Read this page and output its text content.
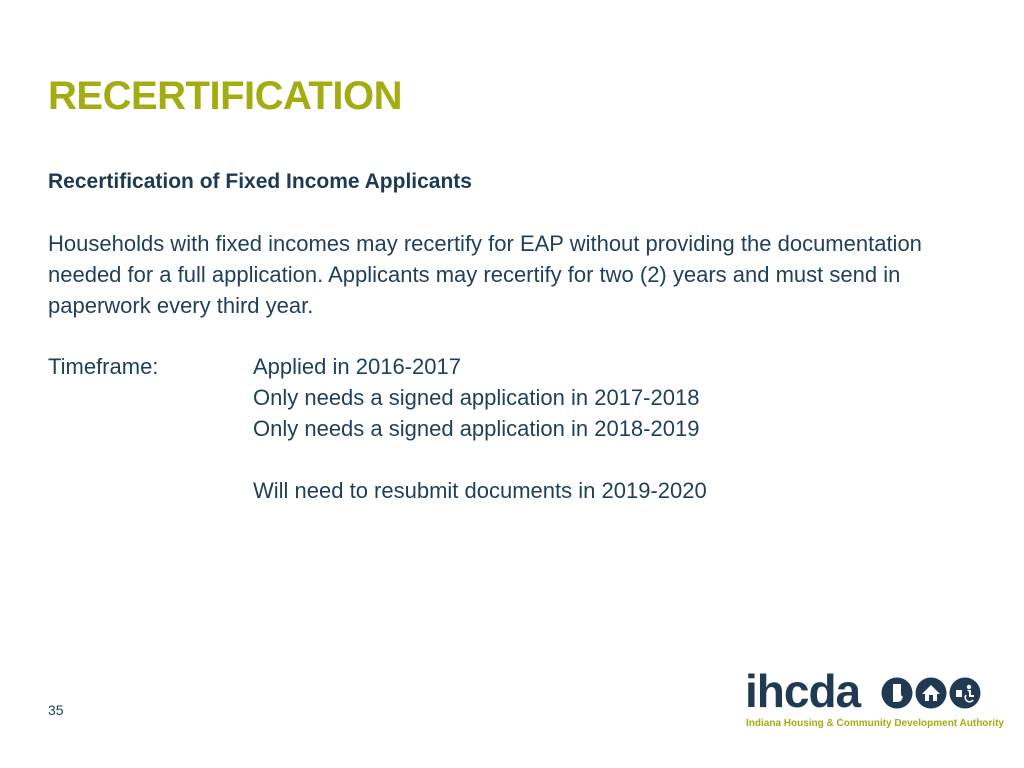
RECERTIFICATION
Recertification of Fixed Income Applicants

Households with fixed incomes may recertify for EAP without providing the documentation needed for a full application. Applicants may recertify for two (2) years and must send in paperwork every third year.

Timeframe:	Applied in 2016-2017
Only needs a signed application in 2017-2018
Only needs a signed application in 2018-2019
Will need to resubmit documents in 2019-2020
35	ihcda
Indiana Housing & Community Development Authority
